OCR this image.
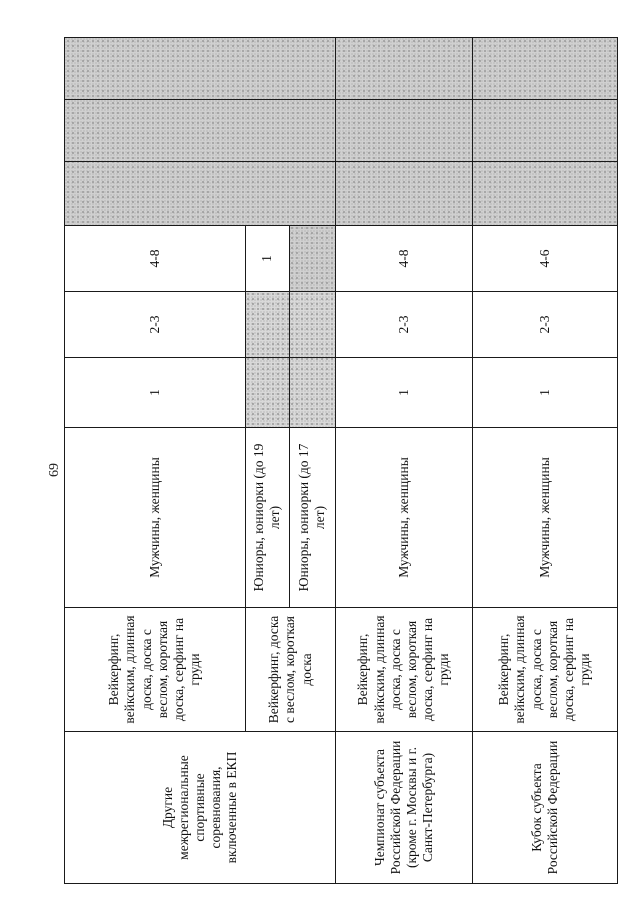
69
Другие межрегиональные спортивные соревнования, включенные в ЕКП	Вейкерфинг, вейкским, длинная доска, доска с веслом, короткая доска, серфинг на груди	Мужчины, женщины	1	2-3	4-8			
	Вейкерфинг, доска с веслом, короткая доска	Юниоры, юниорки (до 19 лет)			1			
		Юниоры, юниорки (до 17 лет)						
Чемпионат субъекта Российской Федерации (кроме г. Москвы и г. Санкт-Петербурга)	Вейкерфинг, вейкским, длинная доска, доска с веслом, короткая доска, серфинг на груди	Мужчины, женщины	1	2-3	4-8			
Кубок субъекта Российской Федерации	Вейкерфинг, вейкским, длинная доска, доска с веслом, короткая доска, серфинг на груди	Мужчины, женщины	1	2-3	4-6			
